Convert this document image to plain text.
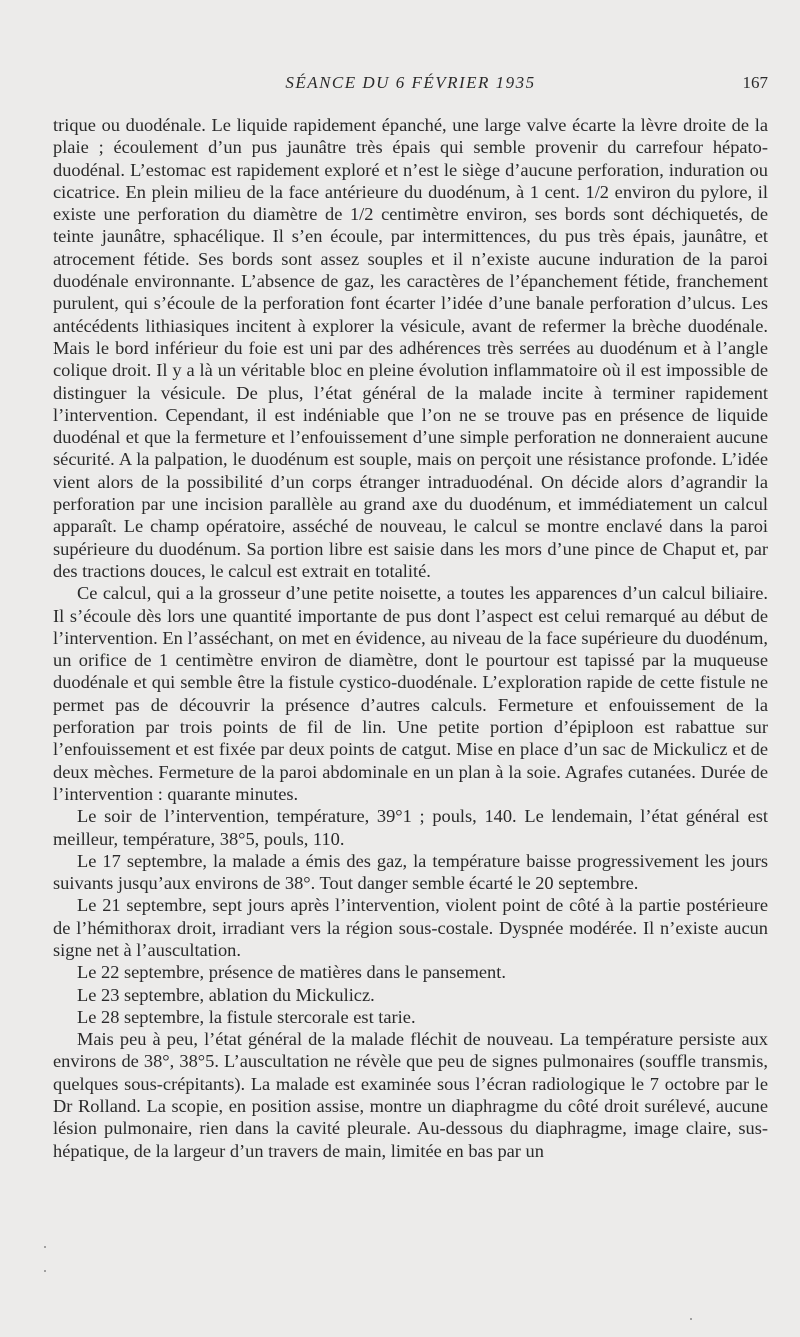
SÉANCE DU 6 FÉVRIER 1935	167

trique ou duodénale. Le liquide rapidement épanché, une large valve écarte la lèvre droite de la plaie ; écoulement d’un pus jaunâtre très épais qui semble provenir du carrefour hépato-duodénal. L’estomac est rapidement exploré et n’est le siège d’aucune perforation, induration ou cicatrice. En plein milieu de la face antérieure du duodénum, à 1 cent. 1/2 environ du pylore, il existe une perforation du diamètre de 1/2 centimètre environ, ses bords sont déchiquetés, de teinte jaunâtre, sphacélique. Il s’en écoule, par intermittences, du pus très épais, jaunâtre, et atrocement fétide. Ses bords sont assez souples et il n’existe aucune induration de la paroi duodénale environnante. L’absence de gaz, les caractères de l’épanchement fétide, franchement purulent, qui s’écoule de la perforation font écarter l’idée d’une banale perforation d’ulcus. Les antécédents lithiasiques incitent à explorer la vésicule, avant de refermer la brèche duodénale. Mais le bord inférieur du foie est uni par des adhérences très serrées au duodénum et à l’angle colique droit. Il y a là un véritable bloc en pleine évolution inflammatoire où il est impossible de distinguer la vésicule. De plus, l’état général de la malade incite à terminer rapidement l’intervention. Cependant, il est indéniable que l’on ne se trouve pas en présence de liquide duodénal et que la fermeture et l’enfouissement d’une simple perforation ne donneraient aucune sécurité. A la palpation, le duodénum est souple, mais on perçoit une résistance profonde. L’idée vient alors de la possibilité d’un corps étranger intraduodénal. On décide alors d’agrandir la perforation par une incision parallèle au grand axe du duodénum, et immédiatement un calcul apparaît. Le champ opératoire, asséché de nouveau, le calcul se montre enclavé dans la paroi supérieure du duodénum. Sa portion libre est saisie dans les mors d’une pince de Chaput et, par des tractions douces, le calcul est extrait en totalité.

Ce calcul, qui a la grosseur d’une petite noisette, a toutes les apparences d’un calcul biliaire. Il s’écoule dès lors une quantité importante de pus dont l’aspect est celui remarqué au début de l’intervention. En l’asséchant, on met en évidence, au niveau de la face supérieure du duodénum, un orifice de 1 centimètre environ de diamètre, dont le pourtour est tapissé par la muqueuse duodénale et qui semble être la fistule cystico-duodénale. L’exploration rapide de cette fistule ne permet pas de découvrir la présence d’autres calculs. Fermeture et enfouissement de la perforation par trois points de fil de lin. Une petite portion d’épiploon est rabattue sur l’enfouissement et est fixée par deux points de catgut. Mise en place d’un sac de Mickulicz et de deux mèches. Fermeture de la paroi abdominale en un plan à la soie. Agrafes cutanées. Durée de l’intervention : quarante minutes.

Le soir de l’intervention, température, 39°1 ; pouls, 140. Le lendemain, l’état général est meilleur, température, 38°5, pouls, 110.

Le 17 septembre, la malade a émis des gaz, la température baisse progressivement les jours suivants jusqu’aux environs de 38°. Tout danger semble écarté le 20 septembre.

Le 21 septembre, sept jours après l’intervention, violent point de côté à la partie postérieure de l’hémithorax droit, irradiant vers la région sous-costale. Dyspnée modérée. Il n’existe aucun signe net à l’auscultation.

Le 22 septembre, présence de matières dans le pansement.

Le 23 septembre, ablation du Mickulicz.

Le 28 septembre, la fistule stercorale est tarie.

Mais peu à peu, l’état général de la malade fléchit de nouveau. La température persiste aux environs de 38°, 38°5. L’auscultation ne révèle que peu de signes pulmonaires (souffle transmis, quelques sous-crépitants). La malade est examinée sous l’écran radiologique le 7 octobre par le Dr Rolland. La scopie, en position assise, montre un diaphragme du côté droit surélevé, aucune lésion pulmonaire, rien dans la cavité pleurale. Au-dessous du diaphragme, image claire, sus-hépatique, de la largeur d’un travers de main, limitée en bas par un
